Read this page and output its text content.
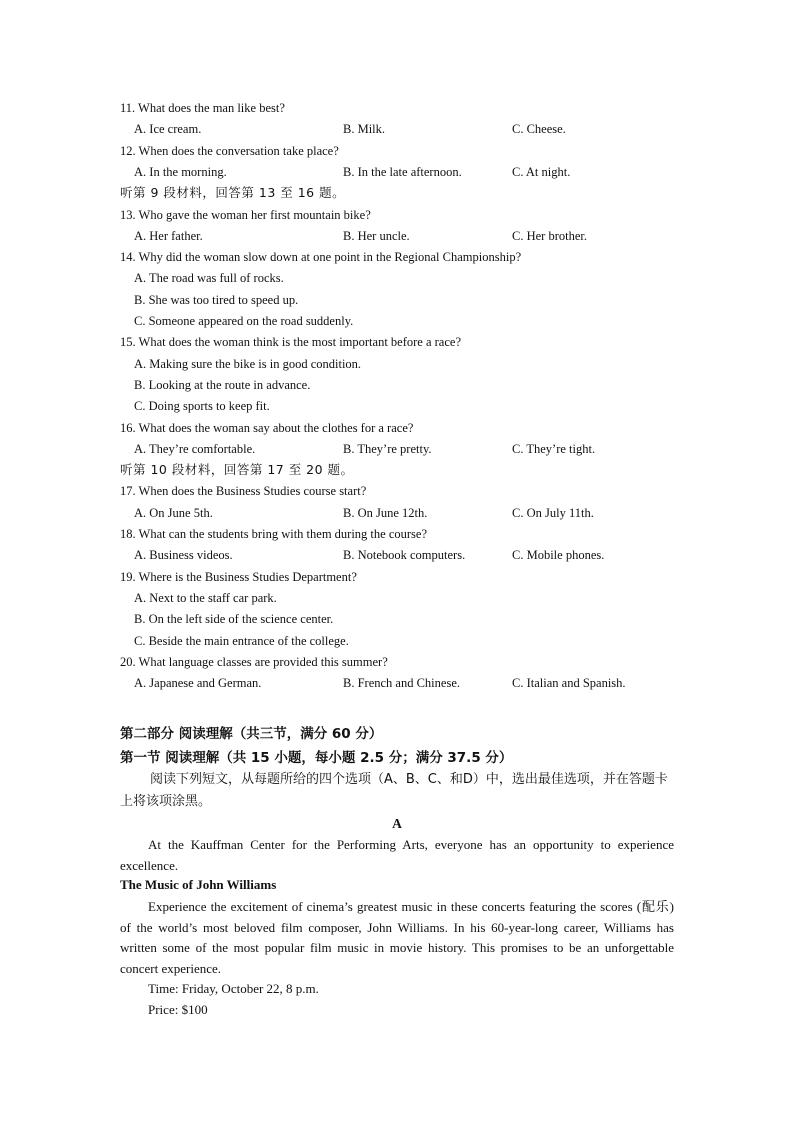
11. What does the man like best?
A. Ice cream.	B. Milk.	C. Cheese.
12. When does the conversation take place?
A. In the morning.	B. In the late afternoon.	C. At night.
听第 9 段材料，回答第 13 至 16 题。
13. Who gave the woman her first mountain bike?
A. Her father.	B. Her uncle.	C. Her brother.
14. Why did the woman slow down at one point in the Regional Championship?
A. The road was full of rocks.
B. She was too tired to speed up.
C. Someone appeared on the road suddenly.
15. What does the woman think is the most important before a race?
A. Making sure the bike is in good condition.
B. Looking at the route in advance.
C. Doing sports to keep fit.
16. What does the woman say about the clothes for a race?
A. They’re comfortable.	B. They’re pretty.	C. They’re tight.
听第 10 段材料，回答第 17 至 20 题。
17. When does the Business Studies course start?
A. On June 5th.	B. On June 12th.	C. On July 11th.
18. What can the students bring with them during the course?
A. Business videos.	B. Notebook computers.	C. Mobile phones.
19. Where is the Business Studies Department?
A. Next to the staff car park.
B. On the left side of the science center.
C. Beside the main entrance of the college.
20. What language classes are provided this summer?
A. Japanese and German.	B. French and Chinese.	C. Italian and Spanish.
第二部分 阅读理解（共三节，满分 60 分）
第一节 阅读理解（共 15 小题，每小题 2.5 分；满分 37.5 分）
阅读下列短文，从每题所给的四个选项（A、B、C、和D）中，选出最佳选项，并在答题卡上将该项涂黑。
A
At the Kauffman Center for the Performing Arts, everyone has an opportunity to experience excellence.
The Music of John Williams
Experience the excitement of cinema’s greatest music in these concerts featuring the scores (配乐) of the world’s most beloved film composer, John Williams. In his 60-year-long career, Williams has written some of the most popular film music in movie history. This promises to be an unforgettable concert experience.
Time: Friday, October 22, 8 p.m.
Price: $100
